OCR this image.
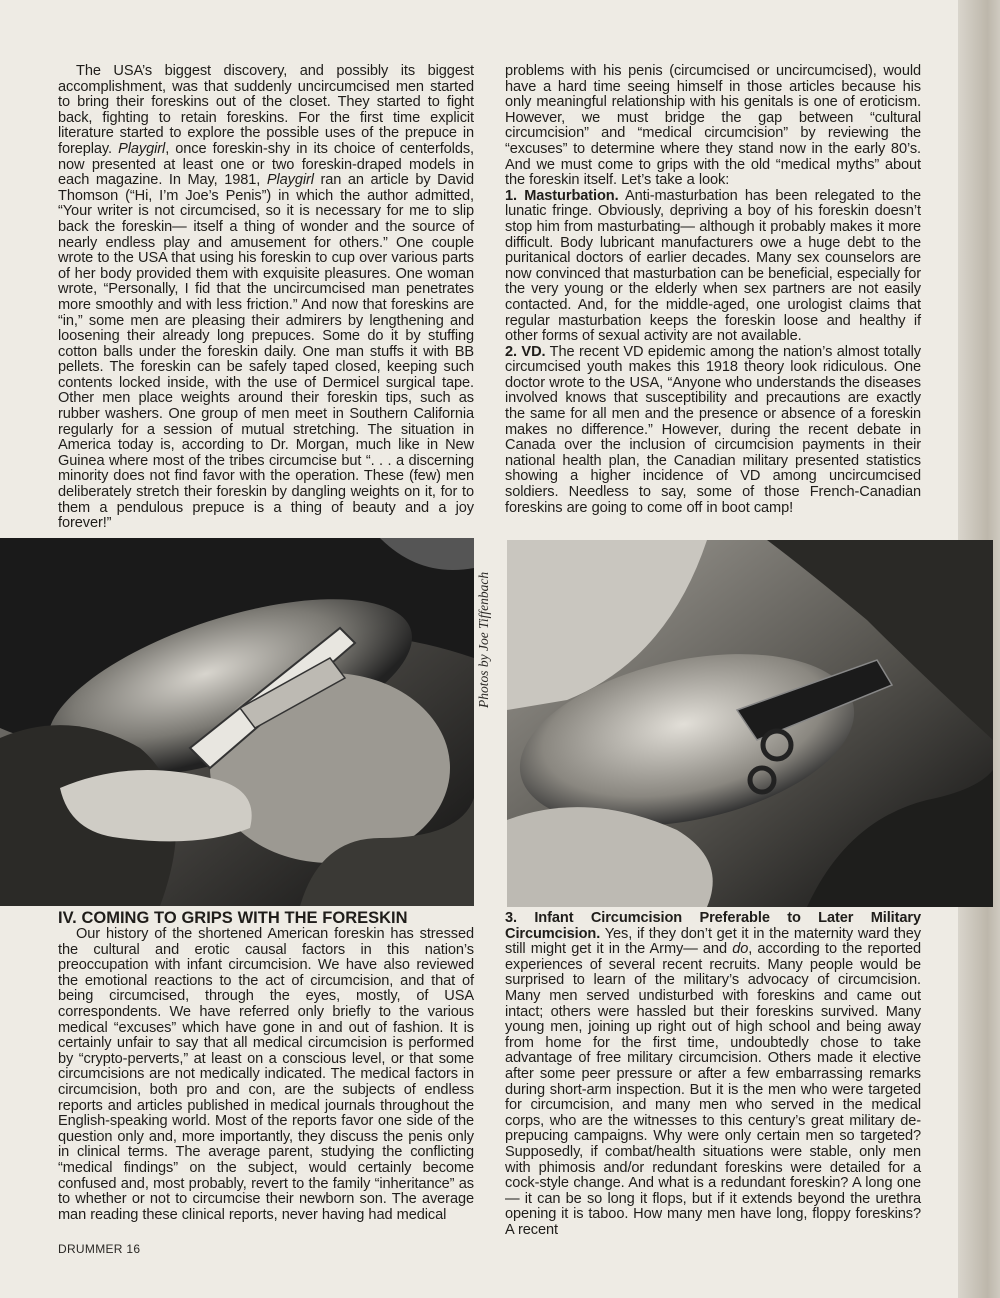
The USA’s biggest discovery, and possibly its biggest accomplishment, was that suddenly uncircumcised men started to bring their foreskins out of the closet. They started to fight back, fighting to retain foreskins. For the first time explicit literature started to explore the possible uses of the prepuce in foreplay. Playgirl, once foreskin-shy in its choice of centerfolds, now presented at least one or two foreskin-draped models in each magazine. In May, 1981, Playgirl ran an article by David Thomson (“Hi, I’m Joe’s Penis”) in which the author admitted, “Your writer is not circumcised, so it is necessary for me to slip back the foreskin— itself a thing of wonder and the source of nearly endless play and amusement for others.” One couple wrote to the USA that using his foreskin to cup over various parts of her body provided them with exquisite pleasures. One woman wrote, “Personally, I fid that the uncircumcised man penetrates more smoothly and with less friction.” And now that foreskins are “in,” some men are pleasing their admirers by lengthening and loosening their already long prepuces. Some do it by stuffing cotton balls under the foreskin daily. One man stuffs it with BB pellets. The foreskin can be safely taped closed, keeping such contents locked inside, with the use of Dermicel surgical tape. Other men place weights around their foreskin tips, such as rubber washers. One group of men meet in Southern California regularly for a session of mutual stretching. The situation in America today is, according to Dr. Morgan, much like in New Guinea where most of the tribes circumcise but “. . . a discerning minority does not find favor with the operation. These (few) men deliberately stretch their foreskin by dangling weights on it, for to them a pendulous prepuce is a thing of beauty and a joy forever!”

problems with his penis (circumcised or uncircumcised), would have a hard time seeing himself in those articles because his only meaningful relationship with his genitals is one of eroticism. However, we must bridge the gap between “cultural circumcision” and “medical circumcision” by reviewing the “excuses” to determine where they stand now in the early 80’s. And we must come to grips with the old “medical myths” about the foreskin itself. Let’s take a look:

1. Masturbation. Anti-masturbation has been relegated to the lunatic fringe. Obviously, depriving a boy of his foreskin doesn’t stop him from masturbating— although it probably makes it more difficult. Body lubricant manufacturers owe a huge debt to the puritanical doctors of earlier decades. Many sex counselors are now convinced that masturbation can be beneficial, especially for the very young or the elderly when sex partners are not easily contacted. And, for the middle-aged, one urologist claims that regular masturbation keeps the foreskin loose and healthy if other forms of sexual activity are not available.

2. VD. The recent VD epidemic among the nation’s almost totally circumcised youth makes this 1918 theory look ridiculous. One doctor wrote to the USA, “Anyone who understands the diseases involved knows that susceptibility and precautions are exactly the same for all men and the presence or absence of a foreskin makes no difference.” However, during the recent debate in Canada over the inclusion of circumcision payments in their national health plan, the Canadian military presented statistics showing a higher incidence of VD among uncircumcised soldiers. Needless to say, some of those French-Canadian foreskins are going to come off in boot camp!

Photos by Joe Tiffenbach

IV. COMING TO GRIPS WITH THE FORESKIN

Our history of the shortened American foreskin has stressed the cultural and erotic causal factors in this nation’s preoccupation with infant circumcision. We have also reviewed the emotional reactions to the act of circumcision, and that of being circumcised, through the eyes, mostly, of USA correspondents. We have referred only briefly to the various medical “excuses” which have gone in and out of fashion. It is certainly unfair to say that all medical circumcision is performed by “crypto-perverts,” at least on a conscious level, or that some circumcisions are not medically indicated. The medical factors in circumcision, both pro and con, are the subjects of endless reports and articles published in medical journals throughout the English-speaking world. Most of the reports favor one side of the question only and, more importantly, they discuss the penis only in clinical terms. The average parent, studying the conflicting “medical findings” on the subject, would certainly become confused and, most probably, revert to the family “inheritance” as to whether or not to circumcise their newborn son. The average man reading these clinical reports, never having had medical

3. Infant Circumcision Preferable to Later Military Circumcision. Yes, if they don’t get it in the maternity ward they still might get it in the Army— and do, according to the reported experiences of several recent recruits. Many people would be surprised to learn of the military’s advocacy of circumcision. Many men served undisturbed with foreskins and came out intact; others were hassled but their foreskins survived. Many young men, joining up right out of high school and being away from home for the first time, undoubtedly chose to take advantage of free military circumcision. Others made it elective after some peer pressure or after a few embarrassing remarks during short-arm inspection. But it is the men who were targeted for circumcision, and many men who served in the medical corps, who are the witnesses to this century’s great military de-prepucing campaigns. Why were only certain men so targeted? Supposedly, if combat/health situations were stable, only men with phimosis and/or redundant foreskins were detailed for a cock-style change. And what is a redundant foreskin? A long one— it can be so long it flops, but if it extends beyond the urethra opening it is taboo. How many men have long, floppy foreskins? A recent

DRUMMER 16
